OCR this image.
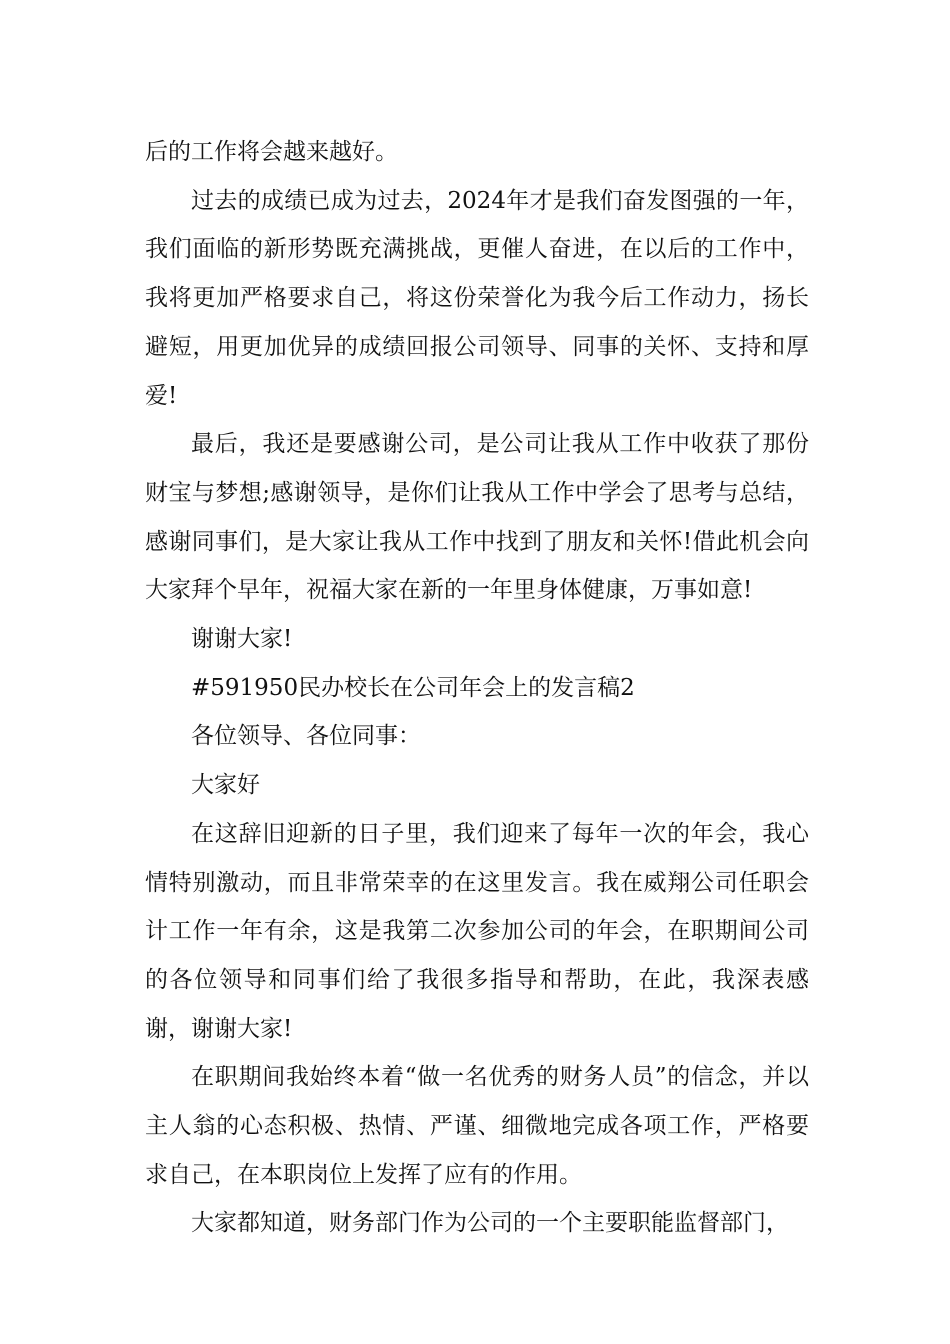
后的工作将会越来越好。

过去的成绩已成为过去，2024年才是我们奋发图强的一年，我们面临的新形势既充满挑战，更催人奋进，在以后的工作中，我将更加严格要求自己，将这份荣誉化为我今后工作动力，扬长避短，用更加优异的成绩回报公司领导、同事的关怀、支持和厚爱!

最后，我还是要感谢公司，是公司让我从工作中收获了那份财宝与梦想;感谢领导，是你们让我从工作中学会了思考与总结，感谢同事们，是大家让我从工作中找到了朋友和关怀!借此机会向大家拜个早年，祝福大家在新的一年里身体健康，万事如意!

谢谢大家!

#591950民办校长在公司年会上的发言稿2

各位领导、各位同事：

大家好

在这辞旧迎新的日子里，我们迎来了每年一次的年会，我心情特别激动，而且非常荣幸的在这里发言。我在威翔公司任职会计工作一年有余，这是我第二次参加公司的年会，在职期间公司的各位领导和同事们给了我很多指导和帮助，在此，我深表感谢，谢谢大家!

在职期间我始终本着“做一名优秀的财务人员”的信念，并以主人翁的心态积极、热情、严谨、细微地完成各项工作，严格要求自己，在本职岗位上发挥了应有的作用。

大家都知道，财务部门作为公司的一个主要职能监督部门，
